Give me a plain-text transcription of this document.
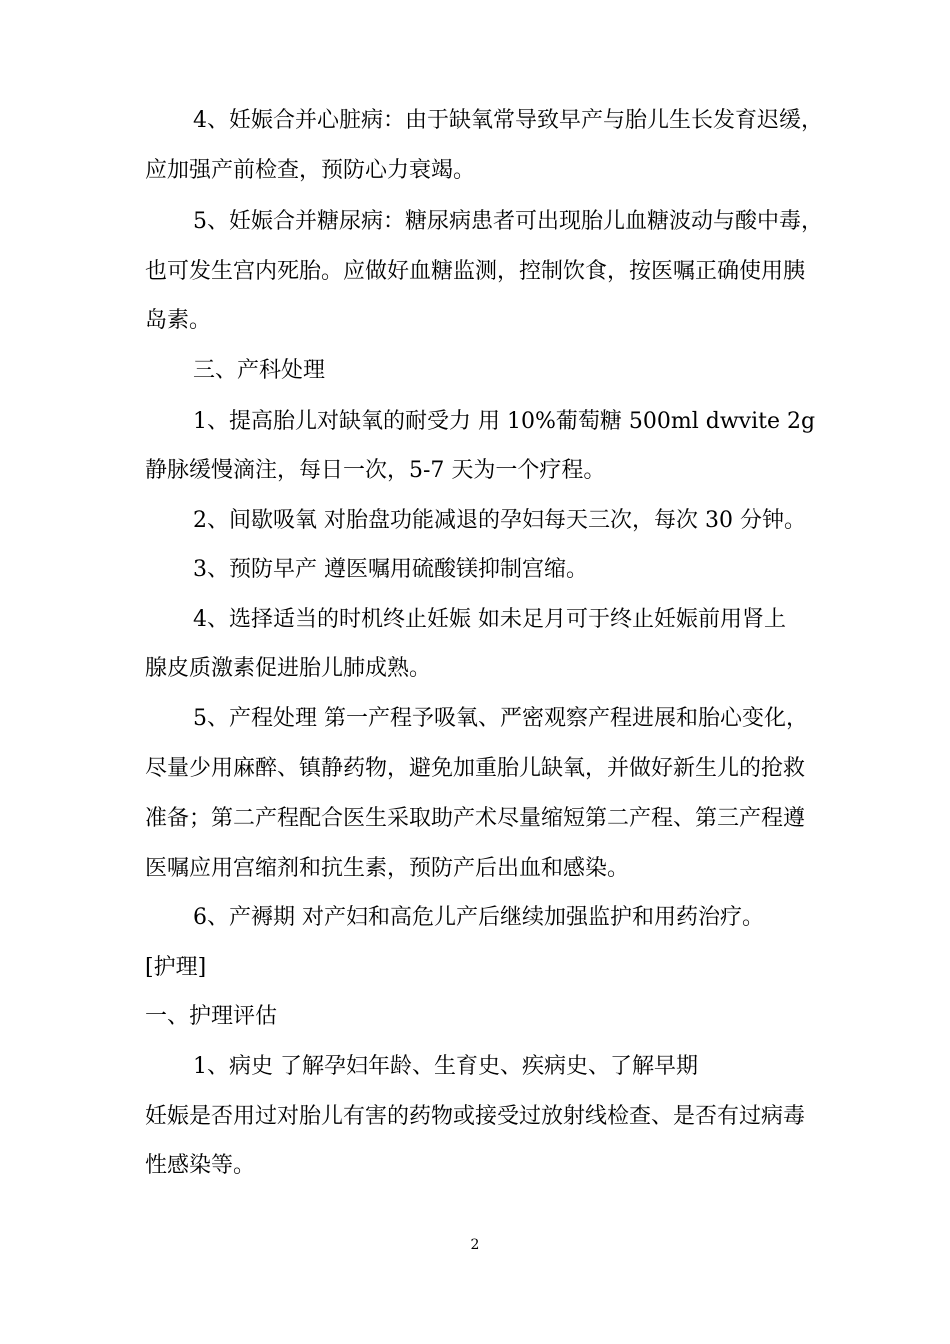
4、妊娠合并心脏病：由于缺氧常导致早产与胎儿生长发育迟缓，
应加强产前检查，预防心力衰竭。
5、妊娠合并糖尿病：糖尿病患者可出现胎儿血糖波动与酸中毒，
也可发生宫内死胎。应做好血糖监测，控制饮食，按医嘱正确使用胰
岛素。
三、产科处理
1、提高胎儿对缺氧的耐受力 用 10%葡萄糖 500ml dwvite 2g
静脉缓慢滴注，每日一次，5-7 天为一个疗程。
2、间歇吸氧 对胎盘功能减退的孕妇每天三次，每次 30 分钟。
3、预防早产 遵医嘱用硫酸镁抑制宫缩。
4、选择适当的时机终止妊娠 如未足月可于终止妊娠前用肾上
腺皮质激素促进胎儿肺成熟。
5、产程处理 第一产程予吸氧、严密观察产程进展和胎心变化，
尽量少用麻醉、镇静药物，避免加重胎儿缺氧，并做好新生儿的抢救
准备；第二产程配合医生采取助产术尽量缩短第二产程、第三产程遵
医嘱应用宫缩剂和抗生素，预防产后出血和感染。
6、产褥期 对产妇和高危儿产后继续加强监护和用药治疗。
[护理]
一、护理评估
1、病史 了解孕妇年龄、生育史、疾病史、了解早期
妊娠是否用过对胎儿有害的药物或接受过放射线检查、是否有过病毒
性感染等。
2
